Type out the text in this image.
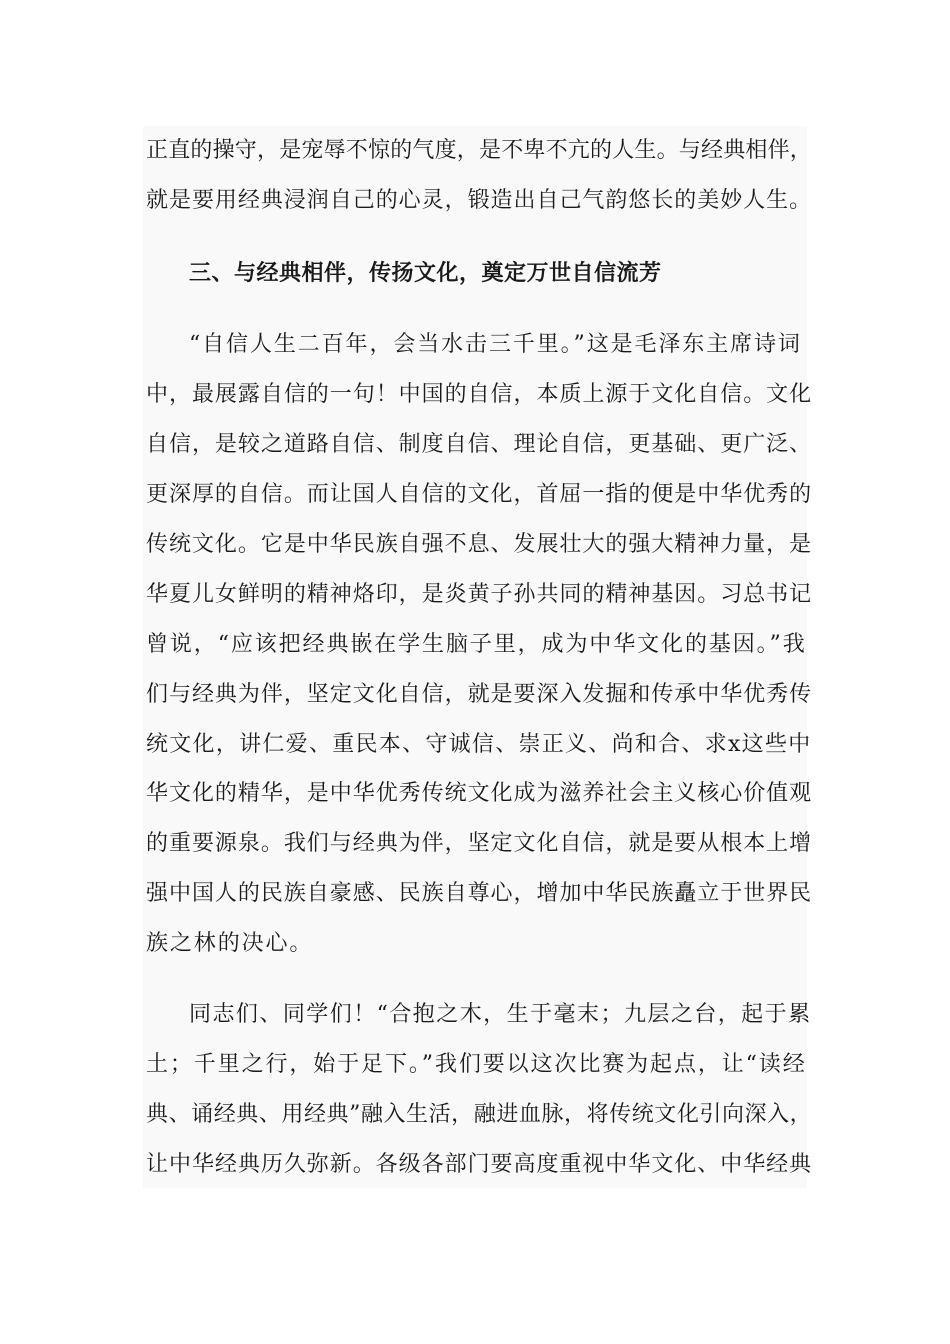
正直的操守，是宠辱不惊的气度，是不卑不亢的人生。与经典相伴，
就是要用经典浸润自己的心灵，锻造出自己气韵悠长的美妙人生。
三、与经典相伴，传扬文化，奠定万世自信流芳
“自信人生二百年，会当水击三千里。”这是毛泽东主席诗词
中，最展露自信的一句！中国的自信，本质上源于文化自信。文化
自信，是较之道路自信、制度自信、理论自信，更基础、更广泛、
更深厚的自信。而让国人自信的文化，首屈一指的便是中华优秀的
传统文化。它是中华民族自强不息、发展壮大的强大精神力量，是
华夏儿女鲜明的精神烙印，是炎黄子孙共同的精神基因。习总书记
曾说，“应该把经典嵌在学生脑子里，成为中华文化的基因。”我
们与经典为伴，坚定文化自信，就是要深入发掘和传承中华优秀传
统文化，讲仁爱、重民本、守诚信、崇正义、尚和合、求x这些中
华文化的精华，是中华优秀传统文化成为滋养社会主义核心价值观
的重要源泉。我们与经典为伴，坚定文化自信，就是要从根本上增
强中国人的民族自豪感、民族自尊心，增加中华民族矗立于世界民
族之林的决心。
同志们、同学们！“合抱之木，生于毫末；九层之台，起于累
土；千里之行，始于足下。”我们要以这次比赛为起点，让“读经
典、诵经典、用经典”融入生活，融进血脉，将传统文化引向深入，
让中华经典历久弥新。各级各部门要高度重视中华文化、中华经典
